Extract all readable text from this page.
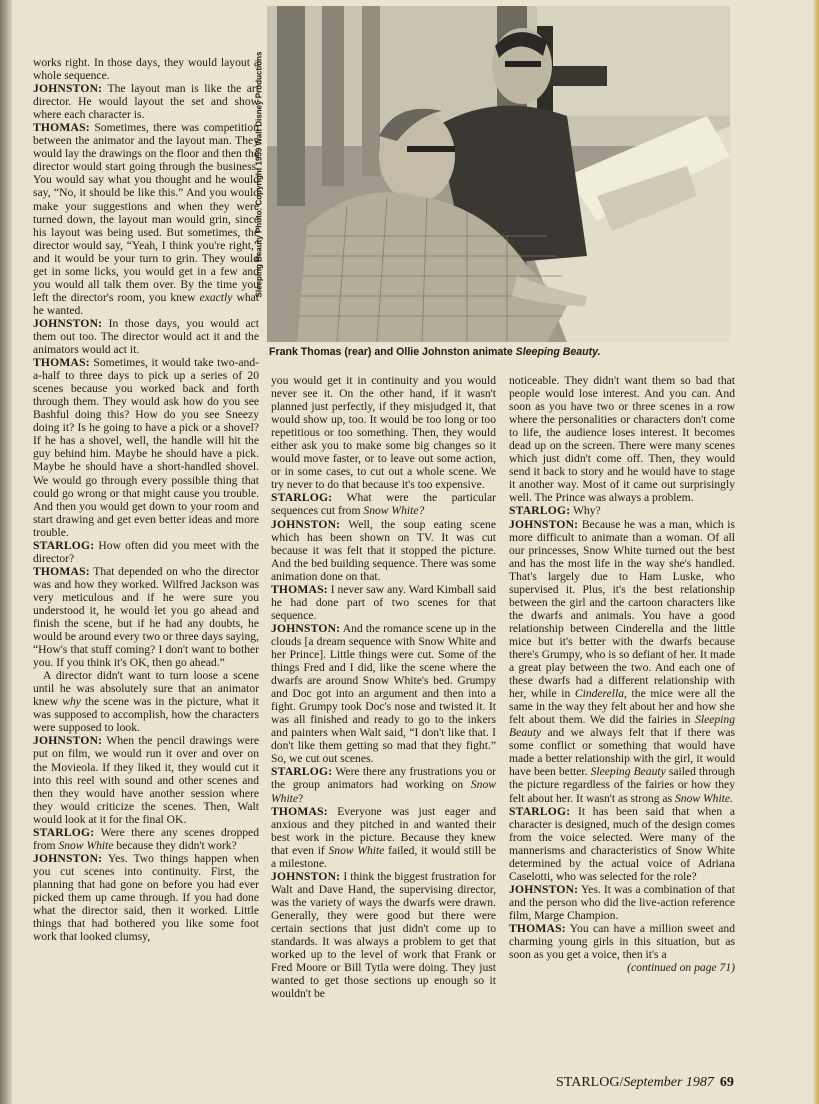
Sleeping Beauty Photo: Copyright 1959 Walt Disney Productions
Frank Thomas (rear) and Ollie Johnston animate Sleeping Beauty.

works right. In those days, they would layout a whole sequence.

JOHNSTON: The layout man is like the art director. He would layout the set and show where each character is.

THOMAS: Sometimes, there was competition between the animator and the layout man. They would lay the drawings on the floor and then the director would start going through the business. You would say what you thought and he would say, “No, it should be like this.” And you would make your suggestions and when they were turned down, the layout man would grin, since his layout was being used. But sometimes, the director would say, “Yeah, I think you're right,” and it would be your turn to grin. They would get in some licks, you would get in a few and you would all talk them over. By the time you left the director's room, you knew exactly what he wanted.

JOHNSTON: In those days, you would act them out too. The director would act it and the animators would act it.

THOMAS: Sometimes, it would take two-and-a-half to three days to pick up a series of 20 scenes because you worked back and forth through them. They would ask how do you see Bashful doing this? How do you see Sneezy doing it? Is he going to have a pick or a shovel? If he has a shovel, well, the handle will hit the guy behind him. Maybe he should have a pick. Maybe he should have a short-handled shovel. We would go through every possible thing that could go wrong or that might cause you trouble. And then you would get down to your room and start drawing and get even better ideas and more trouble.

STARLOG: How often did you meet with the director?

THOMAS: That depended on who the director was and how they worked. Wilfred Jackson was very meticulous and if he were sure you understood it, he would let you go ahead and finish the scene, but if he had any doubts, he would be around every two or three days saying, “How's that stuff coming? I don't want to bother you. If you think it's OK, then go ahead.”

A director didn't want to turn loose a scene until he was absolutely sure that an animator knew why the scene was in the picture, what it was supposed to accomplish, how the characters were supposed to look.

JOHNSTON: When the pencil drawings were put on film, we would run it over and over on the Movieola. If they liked it, they would cut it into this reel with sound and other scenes and then they would have another session where they would criticize the scenes. Then, Walt would look at it for the final OK.

STARLOG: Were there any scenes dropped from Snow White because they didn't work?

JOHNSTON: Yes. Two things happen when you cut scenes into continuity. First, the planning that had gone on before you had ever picked them up came through. If you had done what the director said, then it worked. Little things that had bothered you like some foot work that looked clumsy,

you would get it in continuity and you would never see it. On the other hand, if it wasn't planned just perfectly, if they misjudged it, that would show up, too. It would be too long or too repetitious or too something. Then, they would either ask you to make some big changes so it would move faster, or to leave out some action, or in some cases, to cut out a whole scene. We try never to do that because it's too expensive.

STARLOG: What were the particular sequences cut from Snow White?

JOHNSTON: Well, the soup eating scene which has been shown on TV. It was cut because it was felt that it stopped the picture. And the bed building sequence. There was some animation done on that.

THOMAS: I never saw any. Ward Kimball said he had done part of two scenes for that sequence.

JOHNSTON: And the romance scene up in the clouds [a dream sequence with Snow White and her Prince]. Little things were cut. Some of the things Fred and I did, like the scene where the dwarfs are around Snow White's bed. Grumpy and Doc got into an argument and then into a fight. Grumpy took Doc's nose and twisted it. It was all finished and ready to go to the inkers and painters when Walt said, “I don't like that. I don't like them getting so mad that they fight.” So, we cut out scenes.

STARLOG: Were there any frustrations you or the group animators had working on Snow White?

THOMAS: Everyone was just eager and anxious and they pitched in and wanted their best work in the picture. Because they knew that even if Snow White failed, it would still be a milestone.

JOHNSTON: I think the biggest frustration for Walt and Dave Hand, the supervising director, was the variety of ways the dwarfs were drawn. Generally, they were good but there were certain sections that just didn't come up to standards. It was always a problem to get that worked up to the level of work that Frank or Fred Moore or Bill Tytla were doing. They just wanted to get those sections up enough so it wouldn't be

noticeable. They didn't want them so bad that people would lose interest. And you can. And soon as you have two or three scenes in a row where the personalities or characters don't come to life, the audience loses interest. It becomes dead up on the screen. There were many scenes which just didn't come off. Then, they would send it back to story and he would have to stage it another way. Most of it came out surprisingly well. The Prince was always a problem.

STARLOG: Why?

JOHNSTON: Because he was a man, which is more difficult to animate than a woman. Of all our princesses, Snow White turned out the best and has the most life in the way she's handled. That's largely due to Ham Luske, who supervised it. Plus, it's the best relationship between the girl and the cartoon characters like the dwarfs and animals. You have a good relationship between Cinderella and the little mice but it's better with the dwarfs because there's Grumpy, who is so defiant of her. It made a great play between the two. And each one of these dwarfs had a different relationship with her, while in Cinderella, the mice were all the same in the way they felt about her and how she felt about them. We did the fairies in Sleeping Beauty and we always felt that if there was some conflict or something that would have made a better relationship with the girl, it would have been better. Sleeping Beauty sailed through the picture regardless of the fairies or how they felt about her. It wasn't as strong as Snow White.

STARLOG: It has been said that when a character is designed, much of the design comes from the voice selected. Were many of the mannerisms and characteristics of Snow White determined by the actual voice of Adriana Caselotti, who was selected for the role?

JOHNSTON: Yes. It was a combination of that and the person who did the live-action reference film, Marge Champion.

THOMAS: You can have a million sweet and charming young girls in this situation, but as soon as you get a voice, then it's a

(continued on page 71)
STARLOG/September 1987 69
